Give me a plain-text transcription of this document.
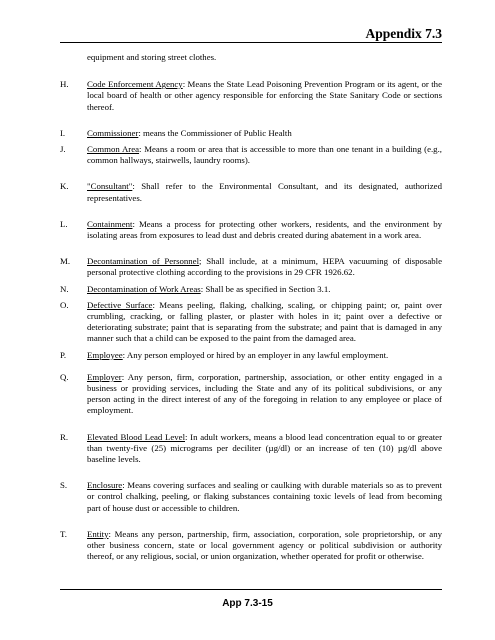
Appendix 7.3
equipment and storing street clothes.
H. Code Enforcement Agency: Means the State Lead Poisoning Prevention Program or its agent, or the local board of health or other agency responsible for enforcing the State Sanitary Code or sections thereof.
I. Commissioner: means the Commissioner of Public Health
J. Common Area: Means a room or area that is accessible to more than one tenant in a building (e.g., common hallways, stairwells, laundry rooms).
K. "Consultant": Shall refer to the Environmental Consultant, and its designated, authorized representatives.
L. Containment: Means a process for protecting other workers, residents, and the environment by isolating areas from exposures to lead dust and debris created during abatement in a work area.
M. Decontamination of Personnel; Shall include, at a minimum, HEPA vacuuming of disposable personal protective clothing according to the provisions in 29 CFR 1926.62.
N. Decontamination of Work Areas: Shall be as specified in Section 3.1.
O. Defective Surface: Means peeling, flaking, chalking, scaling, or chipping paint; or, paint over crumbling, cracking, or falling plaster, or plaster with holes in it; paint over a defective or deteriorating substrate; paint that is separating from the substrate; and paint that is damaged in any manner such that a child can be exposed to the paint from the damaged area.
P. Employee: Any person employed or hired by an employer in any lawful employment.
Q. Employer: Any person, firm, corporation, partnership, association, or other entity engaged in a business or providing services, including the State and any of its political subdivisions, or any person acting in the direct interest of any of the foregoing in relation to any employee or place of employment.
R. Elevated Blood Lead Level: In adult workers, means a blood lead concentration equal to or greater than twenty-five (25) micrograms per deciliter (µg/dl) or an increase of ten (10) µg/dl above baseline levels.
S. Enclosure: Means covering surfaces and sealing or caulking with durable materials so as to prevent or control chalking, peeling, or flaking substances containing toxic levels of lead from becoming part of house dust or accessible to children.
T. Entity: Means any person, partnership, firm, association, corporation, sole proprietorship, or any other business concern, state or local government agency or political subdivision or authority thereof, or any religious, social, or union organization, whether operated for profit or otherwise.
App 7.3-15
